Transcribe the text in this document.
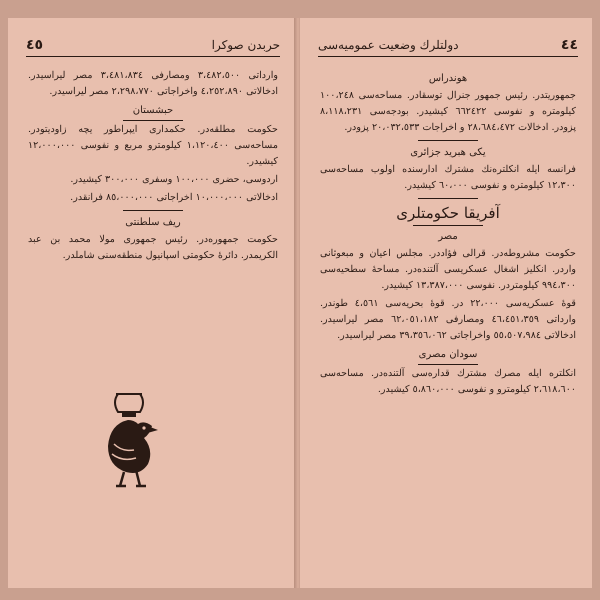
٤٥	حربدن صوکرا

وارداتی ٣،٤٨٢،٥٠٠ ومصارفی ٣،٤٨١،٨٣٤ مصر ليراسيدر. ادخالاتی ٤،٢٥٢،٨٩٠ واخراجاتی ٢،٢٩٨،٧٧٠ مصر ليراسيدر.

حبشستان

حكومت مطلقه‌در. حكمداری ايپراطور يچه زاوديتودر. مساحه‌سی ١،١٢٠،٤٠٠ كيلومترو مربع و نفوسی ١٢،٠٠٠،٠٠٠ كيشيدر.

اردوسی، حضری ١٠٠،٠٠٠ وسفری ٣٠٠،٠٠٠ كيشيدر.

ادخالاتی ١٠،٠٠٠،٠٠٠ اخراجاتی ٨٥،٠٠٠،٠٠٠ فرانقدر.

ريف سلطنتی

حكومت جمهوره‌در. رئيس جمهوری مولا محمد بن عبد الكريمدر. دائرهٔ حكومتی اسپانيول منطقه‌سنی شاملدر.

دولتلرك وضعيت عموميه‌سی	٤٤
هوندراس

جمهوريتدر. رئيس جمهور جنرال توسقادر. مساحه‌سی ١٠٠،٢٤٨ كيلومتره و نفوسی ٦٦٢٤٢٢ كيشيدر. بودجه‌سی ٨،١١٨،٢٣١ پزودر. ادخالات ٢٨،٦٨٤،٤٧٢ و اخراجات ٢٠،٠٣٢،٥٣٣ پزودر.

يكی هبريد جزائری

فرانسه ايله انكلتره‌نك مشترك ادارسنده اولوب مساحه‌سی ١٢،٣٠٠ كيلومتره و نفوسی ٦٠،٠٠٠ كيشيدر.

آفريقا حكومتلری
مصر

حكومت مشروطه‌در. قرالی فؤاددر. مجلس اعيان و مبعوثانی واردر. انكليز اشغال عسكريسی آلتنده‌در. مساحهٔ سطحيه‌سی ٩٩٤،٣٠٠ كيلومتردر. نفوسی ١٣،٣٨٧،٠٠٠ كيشيدر.

قوهٔ عسكريه‌سی ٢٢،٠٠٠ در. قوهٔ بحريه‌سی ٤،٥٦١ طوندر. وارداتی ٤٦،٤٥١،٣٥٩ ومصارفی ٦٢،٠٥١،١٨٢ مصر ليراسيدر. ادخالاتی ٥٥،٥٠٧،٩٨٤ واخراجاتی ٣٩،٣٥٦،٠٦٢ مصر ليراسيدر.

سودان مصری

انكلتره ايله مصرك مشترك قداره‌سی آلتنده‌در. مساحه‌سی ٢،٦١٨،٦٠٠ كيلومترو و نفوسی ٥،٨٦٠،٠٠٠ كيشيدر.
